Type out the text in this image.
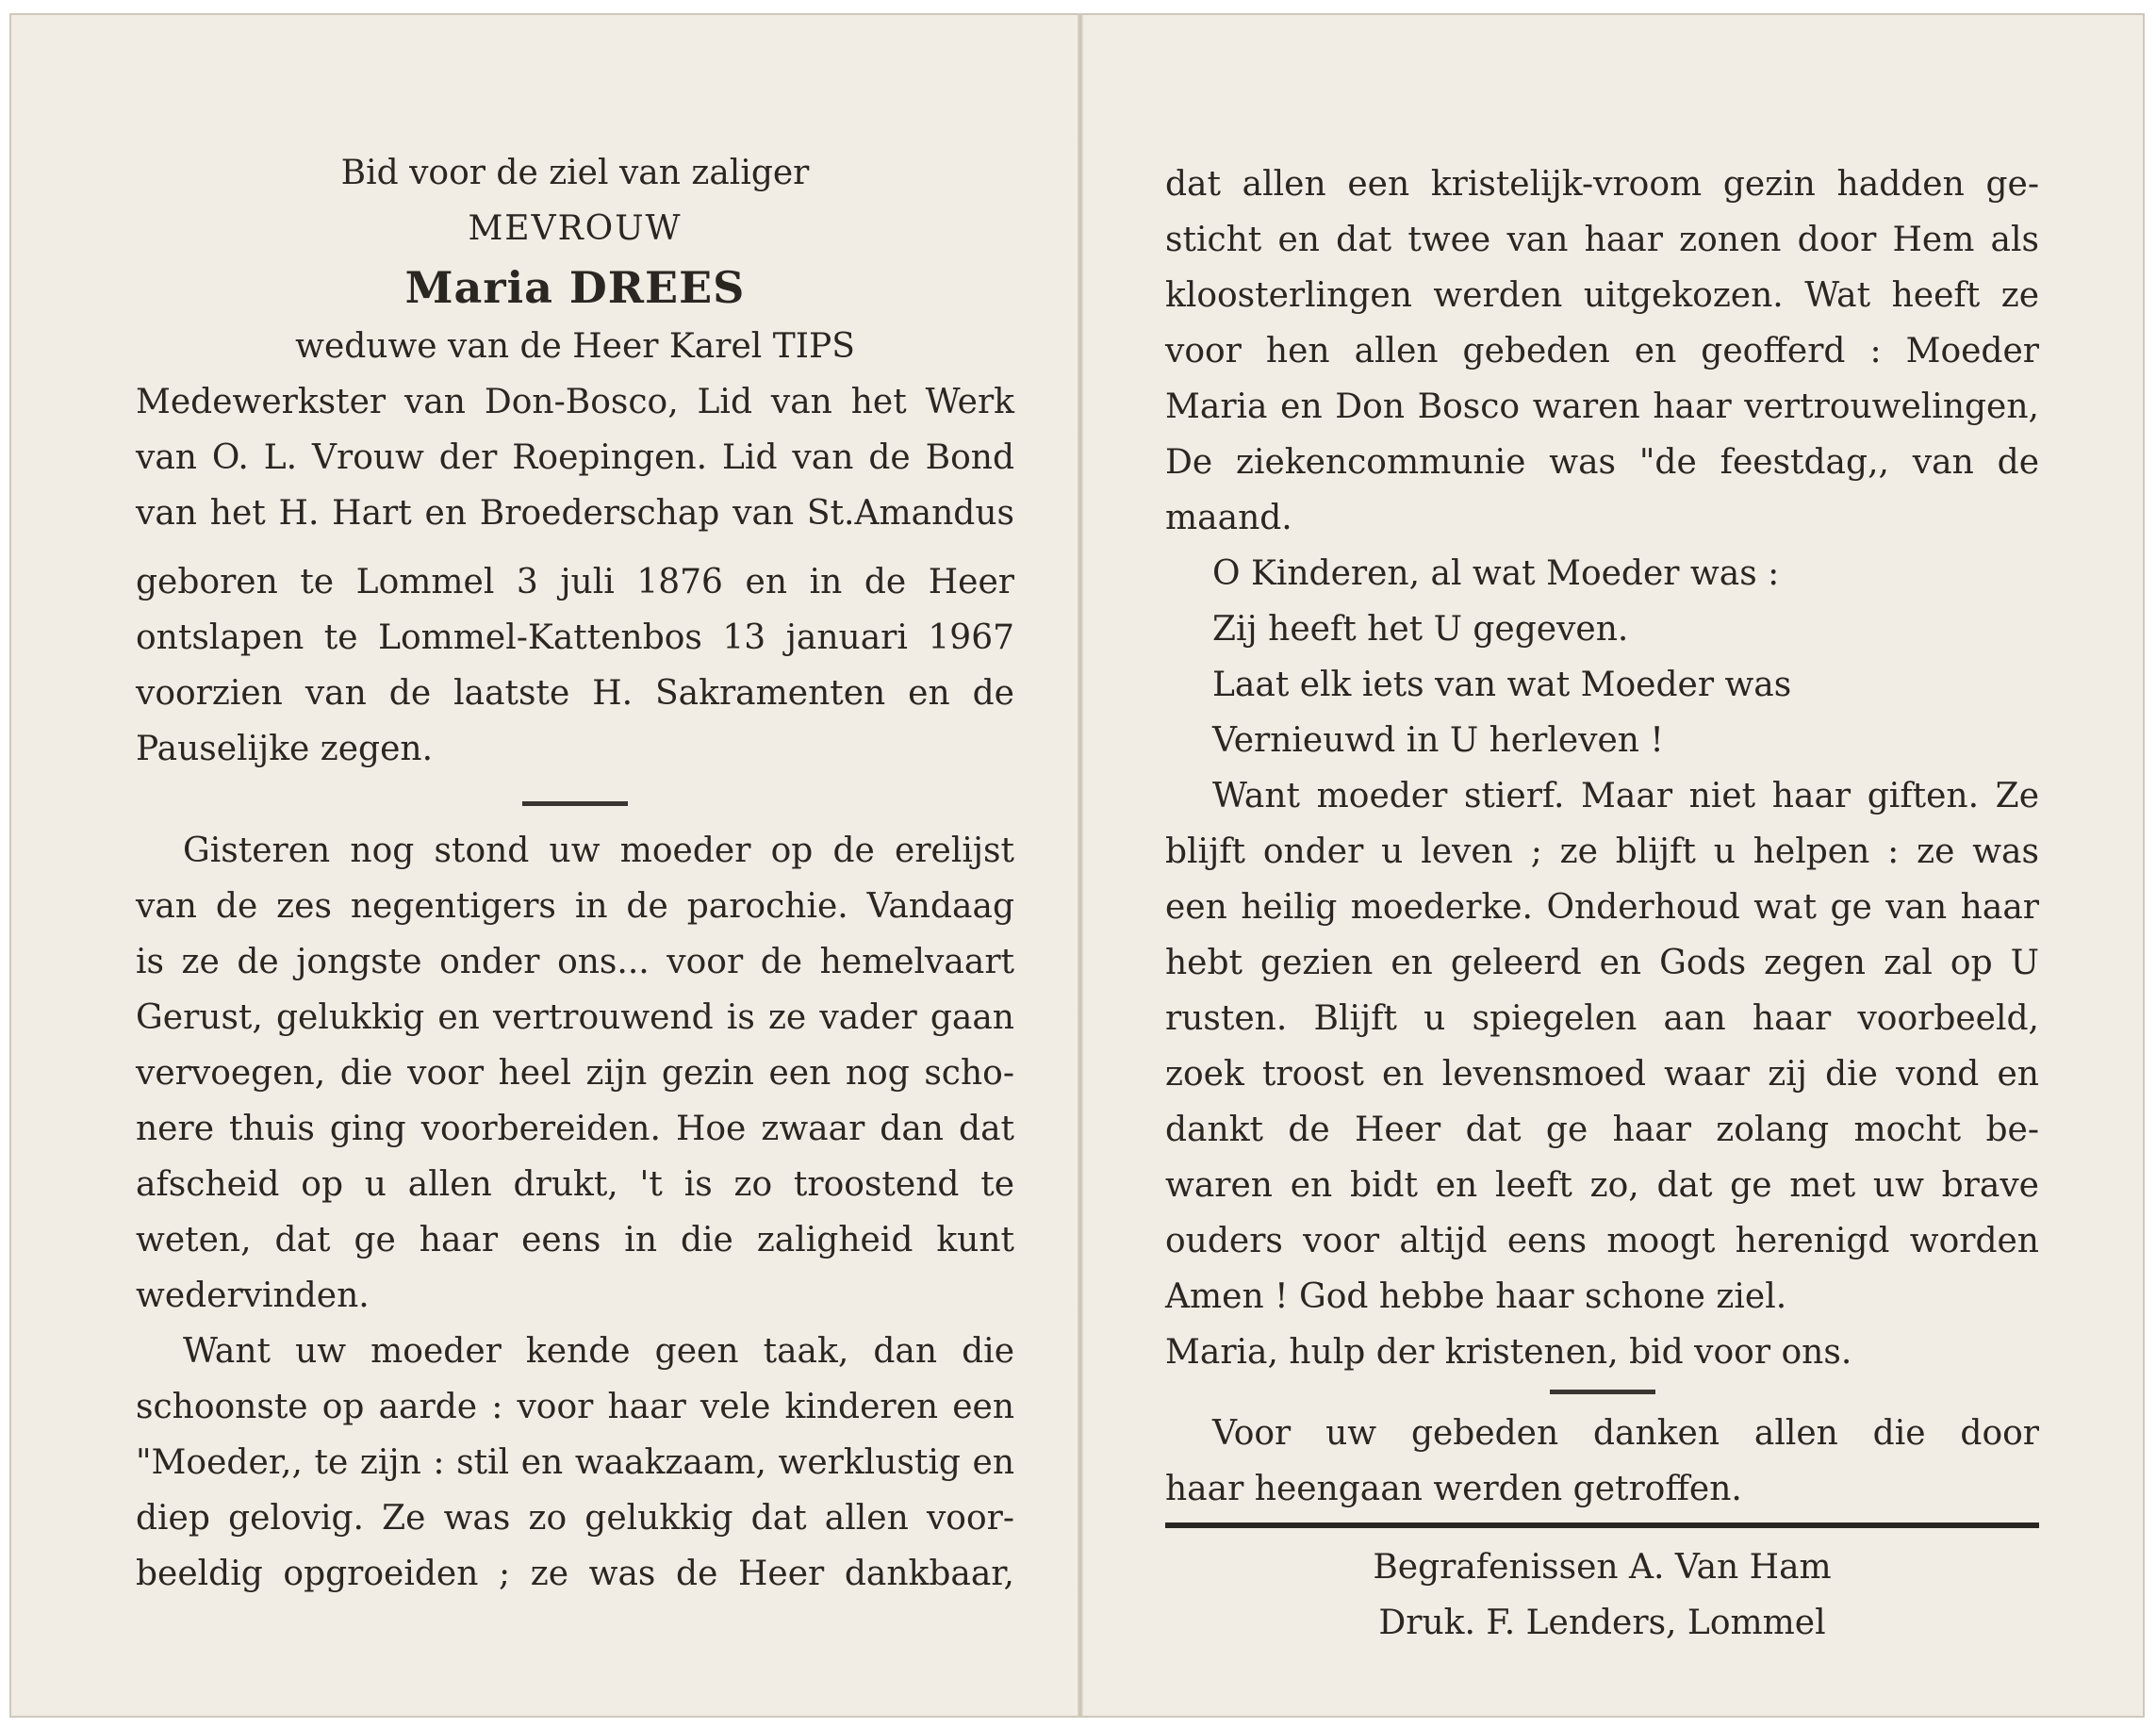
Bid voor de ziel van zaliger
MEVROUW
Maria DREES
weduwe van de Heer Karel TIPS
Medewerkster van Don-Bosco, Lid van het Werk
van O. L. Vrouw der Roepingen. Lid van de Bond
van het H. Hart en Broederschap van St.Amandus
geboren te Lommel 3 juli 1876 en in de Heer
ontslapen te Lommel-Kattenbos 13 januari 1967
voorzien van de laatste H. Sakramenten en de
Pauselijke zegen.
Gisteren nog stond uw moeder op de erelijst
van de zes negentigers in de parochie. Vandaag
is ze de jongste onder ons... voor de hemelvaart
Gerust, gelukkig en vertrouwend is ze vader gaan
vervoegen, die voor heel zijn gezin een nog scho-
nere thuis ging voorbereiden. Hoe zwaar dan dat
afscheid op u allen drukt, 't is zo troostend te
weten, dat ge haar eens in die zaligheid kunt
wedervinden.
Want uw moeder kende geen taak, dan die
schoonste op aarde : voor haar vele kinderen een
"Moeder,, te zijn : stil en waakzaam, werklustig en
diep gelovig. Ze was zo gelukkig dat allen voor-
beeldig opgroeiden ; ze was de Heer dankbaar,
dat allen een kristelijk-vroom gezin hadden ge-
sticht en dat twee van haar zonen door Hem als
kloosterlingen werden uitgekozen. Wat heeft ze
voor hen allen gebeden en geofferd : Moeder
Maria en Don Bosco waren haar vertrouwelingen,
De ziekencommunie was "de feestdag,, van de
maand.
O Kinderen, al wat Moeder was :
Zij heeft het U gegeven.
Laat elk iets van wat Moeder was
Vernieuwd in U herleven !
Want moeder stierf. Maar niet haar giften. Ze
blijft onder u leven ; ze blijft u helpen : ze was
een heilig moederke. Onderhoud wat ge van haar
hebt gezien en geleerd en Gods zegen zal op U
rusten. Blijft u spiegelen aan haar voorbeeld,
zoek troost en levensmoed waar zij die vond en
dankt de Heer dat ge haar zolang mocht be-
waren en bidt en leeft zo, dat ge met uw brave
ouders voor altijd eens moogt herenigd worden
Amen ! God hebbe haar schone ziel.
Maria, hulp der kristenen, bid voor ons.
Voor uw gebeden danken allen die door
haar heengaan werden getroffen.
Begrafenissen A. Van Ham
Druk. F. Lenders, Lommel
